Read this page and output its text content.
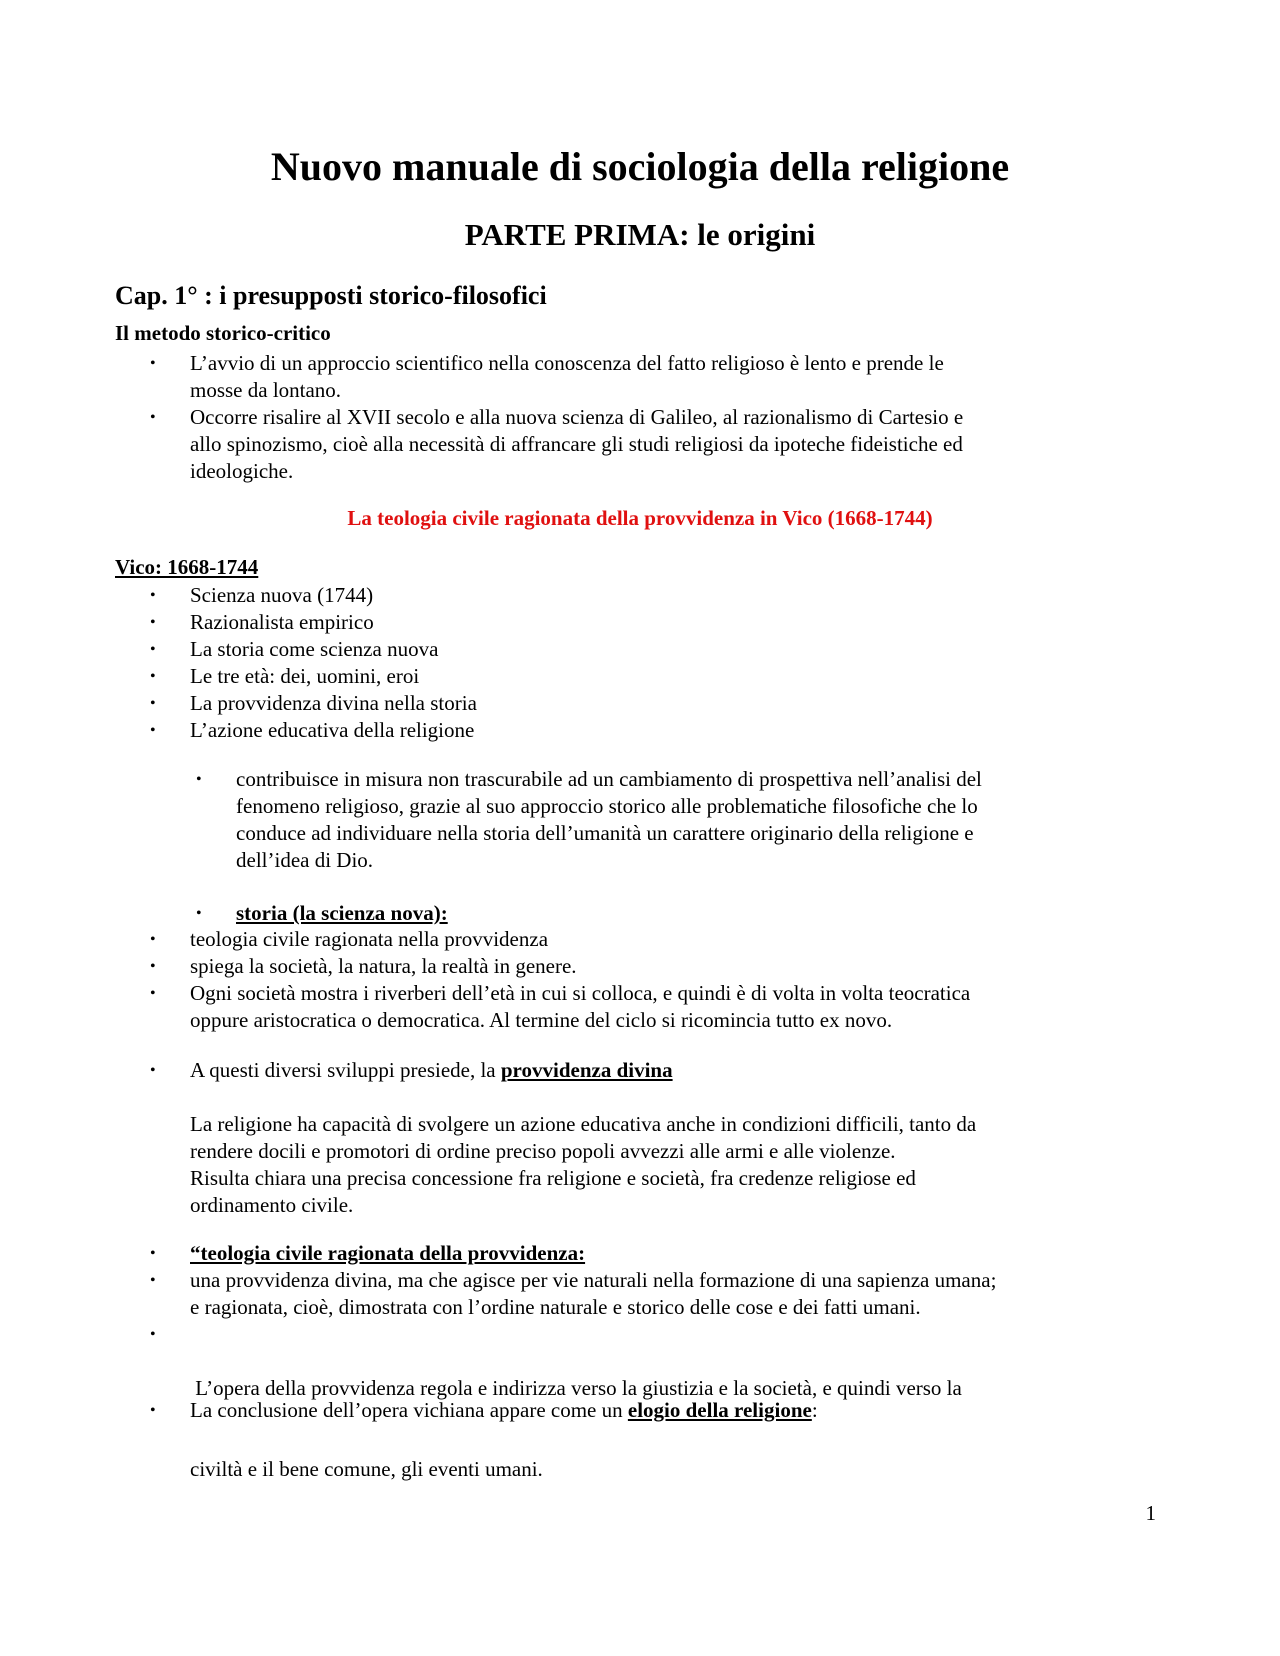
Nuovo manuale di sociologia della religione
PARTE PRIMA: le origini
Cap. 1° : i presupposti storico-filosofici
Il metodo storico-critico
• L’avvio di un approccio scientifico nella conoscenza del fatto religioso è lento e prende le
mosse da lontano.
• Occorre risalire al XVII secolo e alla nuova scienza di Galileo, al razionalismo di Cartesio e
allo spinozismo, cioè alla necessità di affrancare gli studi religiosi da ipoteche fideistiche ed
ideologiche.
La teologia civile ragionata della provvidenza in Vico (1668-1744)
Vico: 1668-1744
• Scienza nuova (1744)
• Razionalista empirico
• La storia come scienza nuova
• Le tre età: dei, uomini, eroi
• La provvidenza divina nella storia
• L’azione educativa della religione
• contribuisce in misura non trascurabile ad un cambiamento di prospettiva nell’analisi del
fenomeno religioso, grazie al suo approccio storico alle problematiche filosofiche che lo
conduce ad individuare nella storia dell’umanità un carattere originario della religione e
dell’idea di Dio.
• storia (la scienza nova):
• teologia civile ragionata nella provvidenza
• spiega la società, la natura, la realtà in genere.
• Ogni società mostra i riverberi dell’età in cui si colloca, e quindi è di volta in volta teocratica
oppure aristocratica o democratica. Al termine del ciclo si ricomincia tutto ex novo.
• A questi diversi sviluppi presiede, la provvidenza divina
La religione ha capacità di svolgere un azione educativa anche in condizioni difficili, tanto da
rendere docili e promotori di ordine preciso popoli avvezzi alle armi e alle violenze.
Risulta chiara una precisa concessione fra religione e società, fra credenze religiose ed
ordinamento civile.
• “teologia civile ragionata della provvidenza:
• una provvidenza divina, ma che agisce per vie naturali nella formazione di una sapienza umana;
e ragionata, cioè, dimostrata con l’ordine naturale e storico delle cose e dei fatti umani.
•

L’opera della provvidenza regola e indirizza verso la giustizia e la società, e quindi verso la

civiltà e il bene comune, gli eventi umani.

• La conclusione dell’opera vichiana appare come un elogio della religione:
1
